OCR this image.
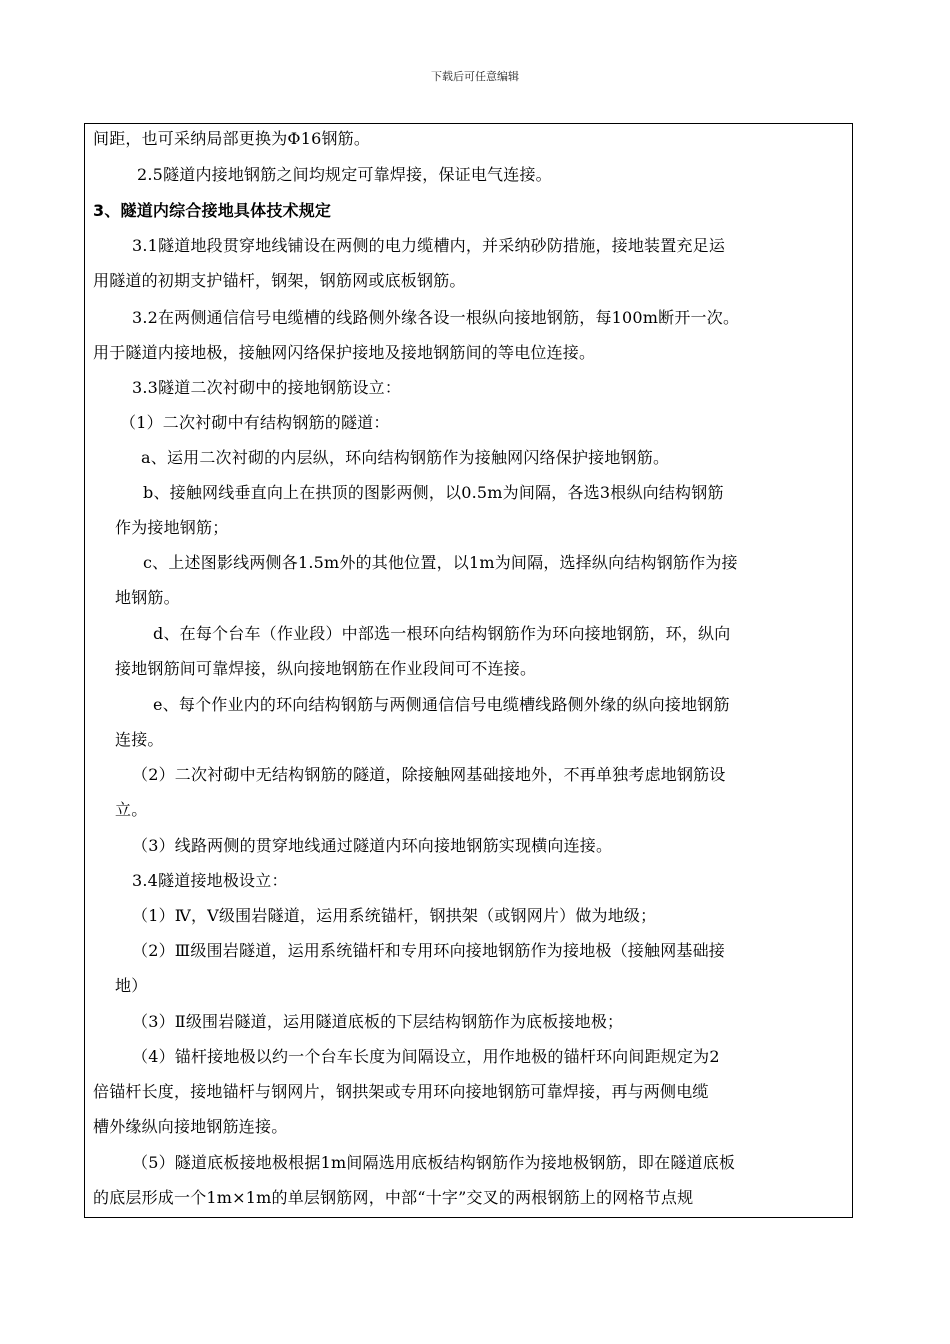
下载后可任意编辑
间距，也可采纳局部更换为Φ16钢筋。
2.5隧道内接地钢筋之间均规定可靠焊接，保证电气连接。
3、隧道内综合接地具体技术规定
3.1隧道地段贯穿地线铺设在两侧的电力缆槽内，并采纳砂防措施，接地装置充足运
用隧道的初期支护锚杆，钢架，钢筋网或底板钢筋。
3.2在两侧通信信号电缆槽的线路侧外缘各设一根纵向接地钢筋，每100m断开一次。
用于隧道内接地极，接触网闪络保护接地及接地钢筋间的等电位连接。
3.3隧道二次衬砌中的接地钢筋设立：
（1）二次衬砌中有结构钢筋的隧道：
a、运用二次衬砌的内层纵，环向结构钢筋作为接触网闪络保护接地钢筋。
b、接触网线垂直向上在拱顶的图影两侧，以0.5m为间隔，各选3根纵向结构钢筋
作为接地钢筋；
c、上述图影线两侧各1.5m外的其他位置，以1m为间隔，选择纵向结构钢筋作为接
地钢筋。
d、在每个台车（作业段）中部选一根环向结构钢筋作为环向接地钢筋，环，纵向
接地钢筋间可靠焊接，纵向接地钢筋在作业段间可不连接。
e、每个作业内的环向结构钢筋与两侧通信信号电缆槽线路侧外缘的纵向接地钢筋
连接。
（2）二次衬砌中无结构钢筋的隧道，除接触网基础接地外，不再单独考虑地钢筋设
立。
（3）线路两侧的贯穿地线通过隧道内环向接地钢筋实现横向连接。
3.4隧道接地极设立：
（1）Ⅳ，Ⅴ级围岩隧道，运用系统锚杆，钢拱架（或钢网片）做为地级；
（2）Ⅲ级围岩隧道，运用系统锚杆和专用环向接地钢筋作为接地极（接触网基础接
地）
（3）Ⅱ级围岩隧道，运用隧道底板的下层结构钢筋作为底板接地极；
（4）锚杆接地极以约一个台车长度为间隔设立，用作地极的锚杆环向间距规定为2
倍锚杆长度，接地锚杆与钢网片，钢拱架或专用环向接地钢筋可靠焊接，再与两侧电缆
槽外缘纵向接地钢筋连接。
（5）隧道底板接地极根据1m间隔选用底板结构钢筋作为接地极钢筋，即在隧道底板
的底层形成一个1m×1m的单层钢筋网，中部“十字”交叉的两根钢筋上的网格节点规
